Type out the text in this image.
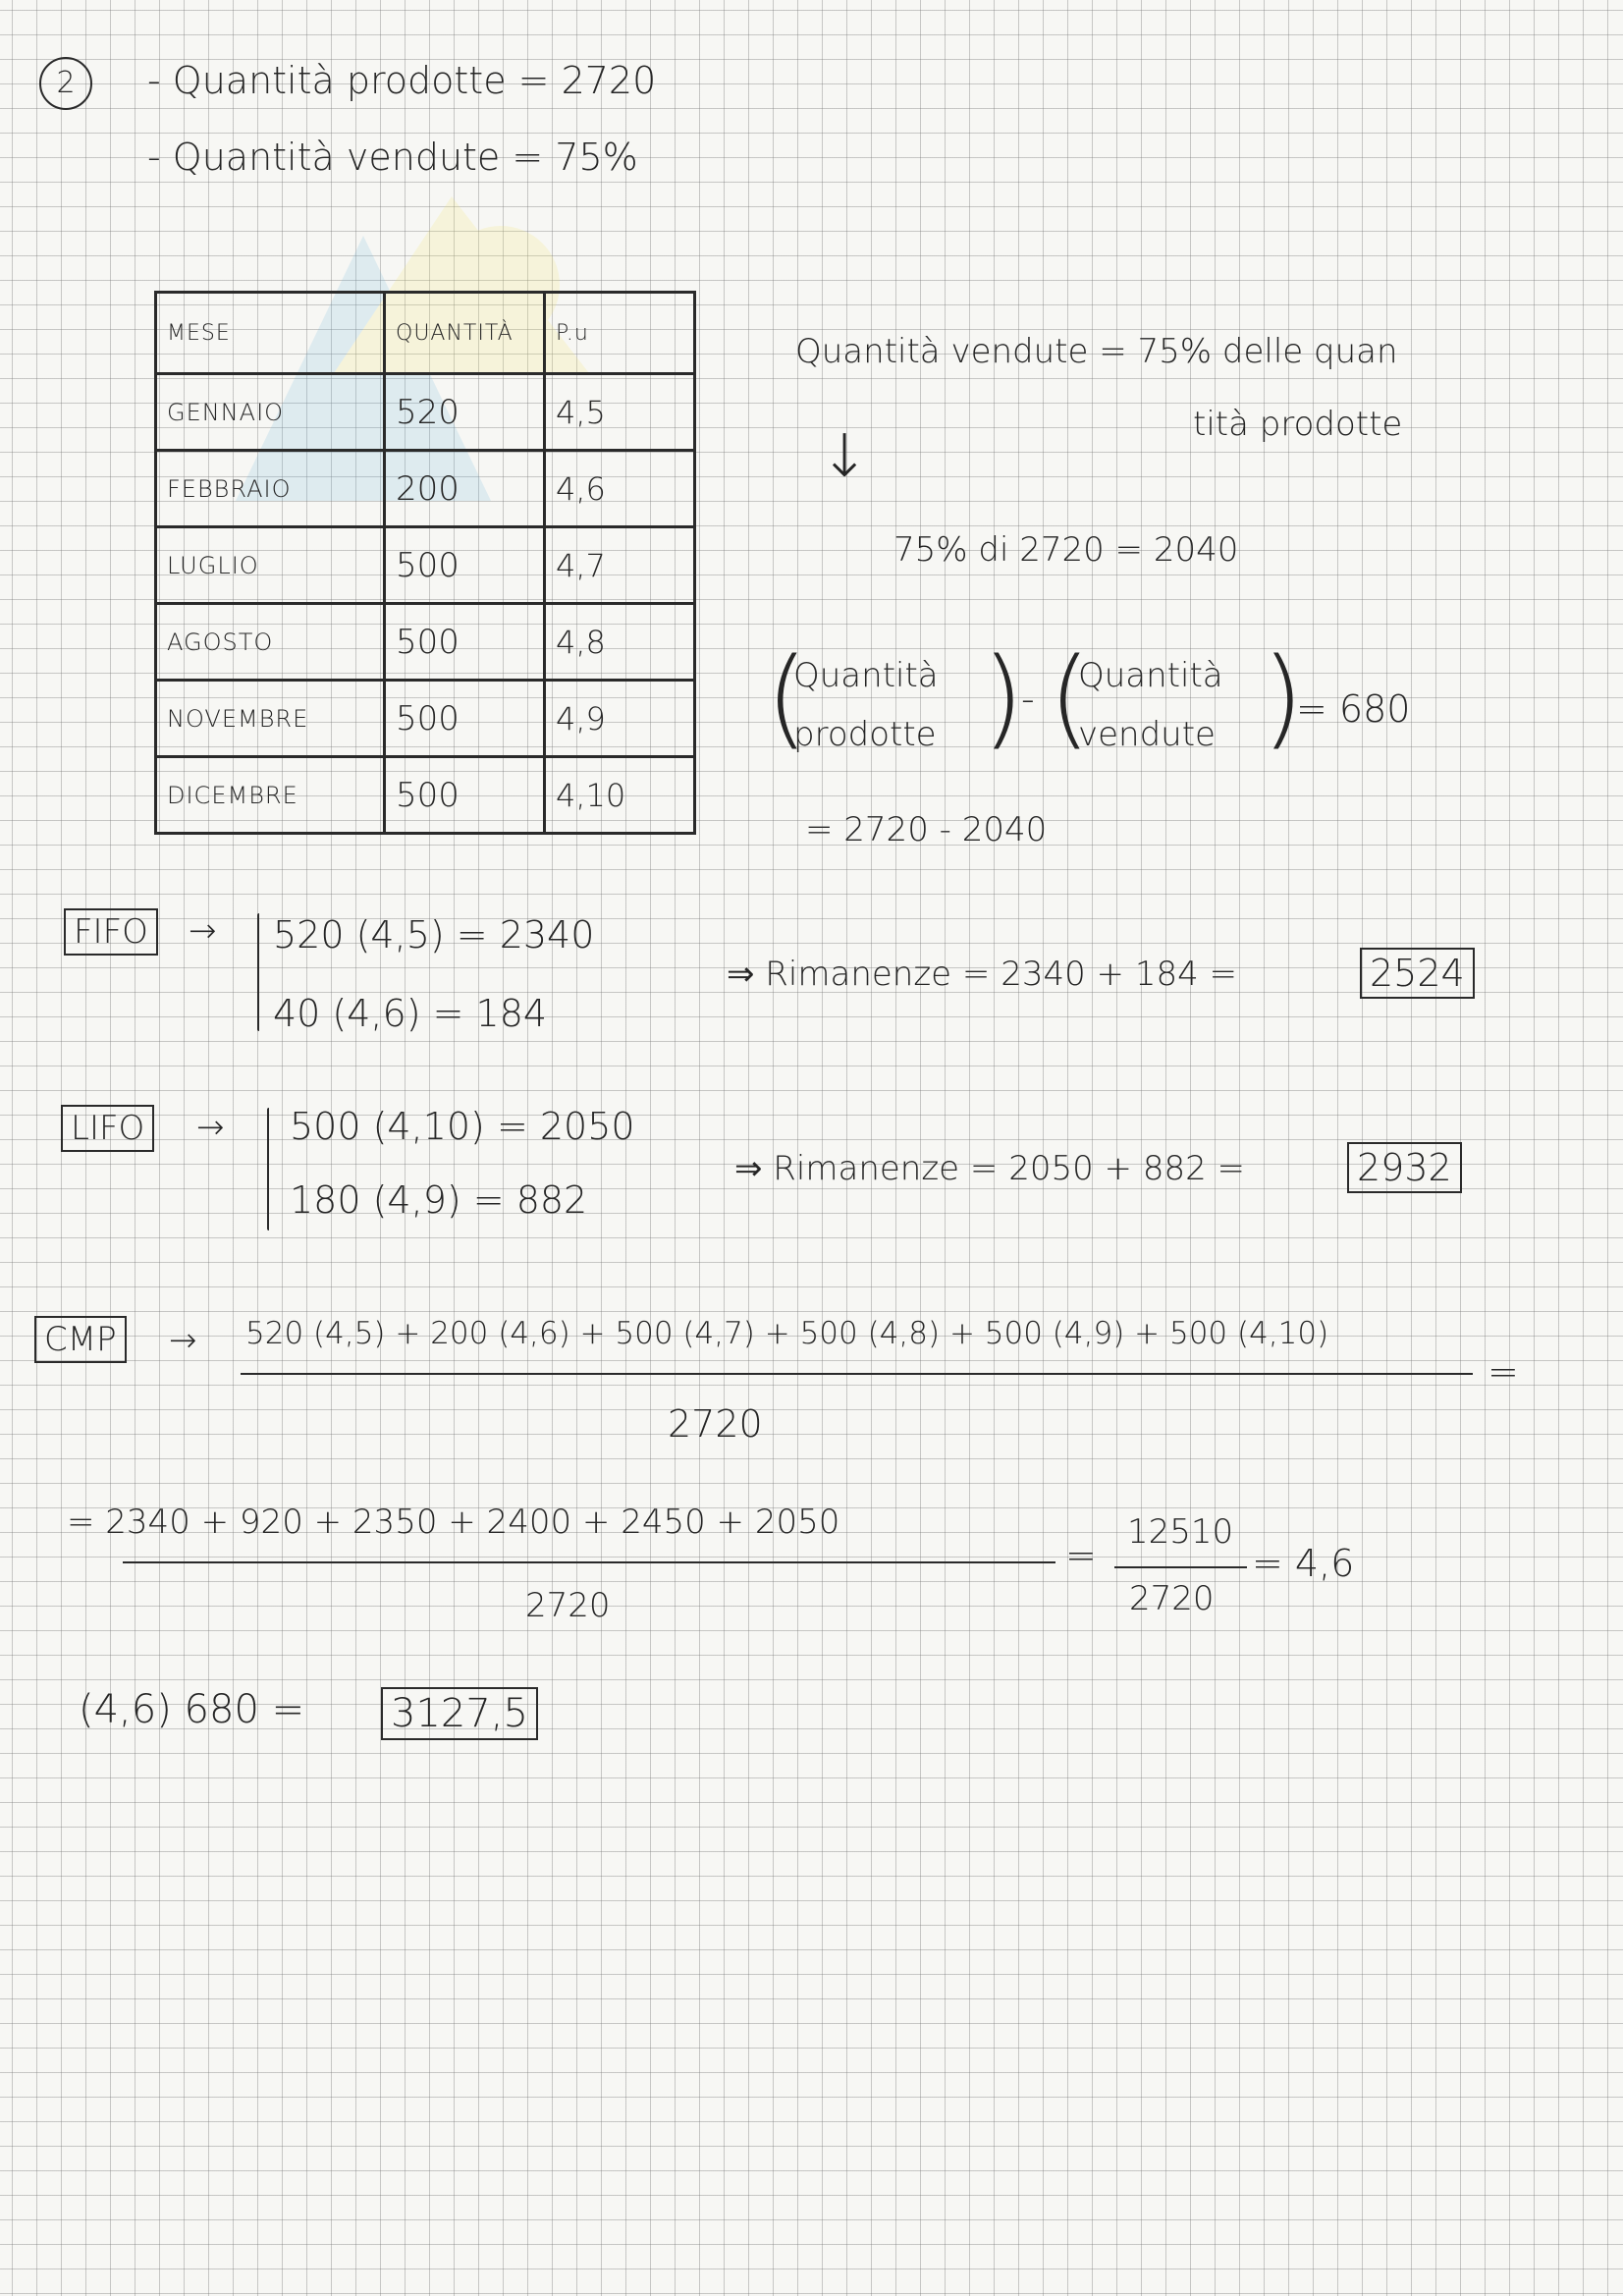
2	- Quantità prodotte = 2720
- Quantità vendute = 75%
MESE	QUANTITÀ	P.u
GENNAIO	520	4,5
FEBBRAIO	200	4,6
LUGLIO	500	4,7
AGOSTO	500	4,8
NOVEMBRE	500	4,9
DICEMBRE	500	4,10
Quantità vendute = 75% delle quan
tità prodotte
↓
75% di 2720 = 2040
(
Quantità
prodotte )
- (
Quantità
vendute )
= 680
= 2720 - 2040
FIFO → 520 (4,5) = 2340
40 (4,6) = 184
⇒ Rimanenze = 2340 + 184 =	2524
LIFO → 500 (4,10) = 2050
180 (4,9) = 882
⇒ Rimanenze = 2050 + 882 =	2932
CMP → 520 (4,5) + 200 (4,6) + 500 (4,7) + 500 (4,8) + 500 (4,9) + 500 (4,10)
=
2720
= 2340 + 920 + 2350 + 2400 + 2450 + 2050
2720
=
12510
2720
= 4,6
(4,6) 680 = 3127,5
